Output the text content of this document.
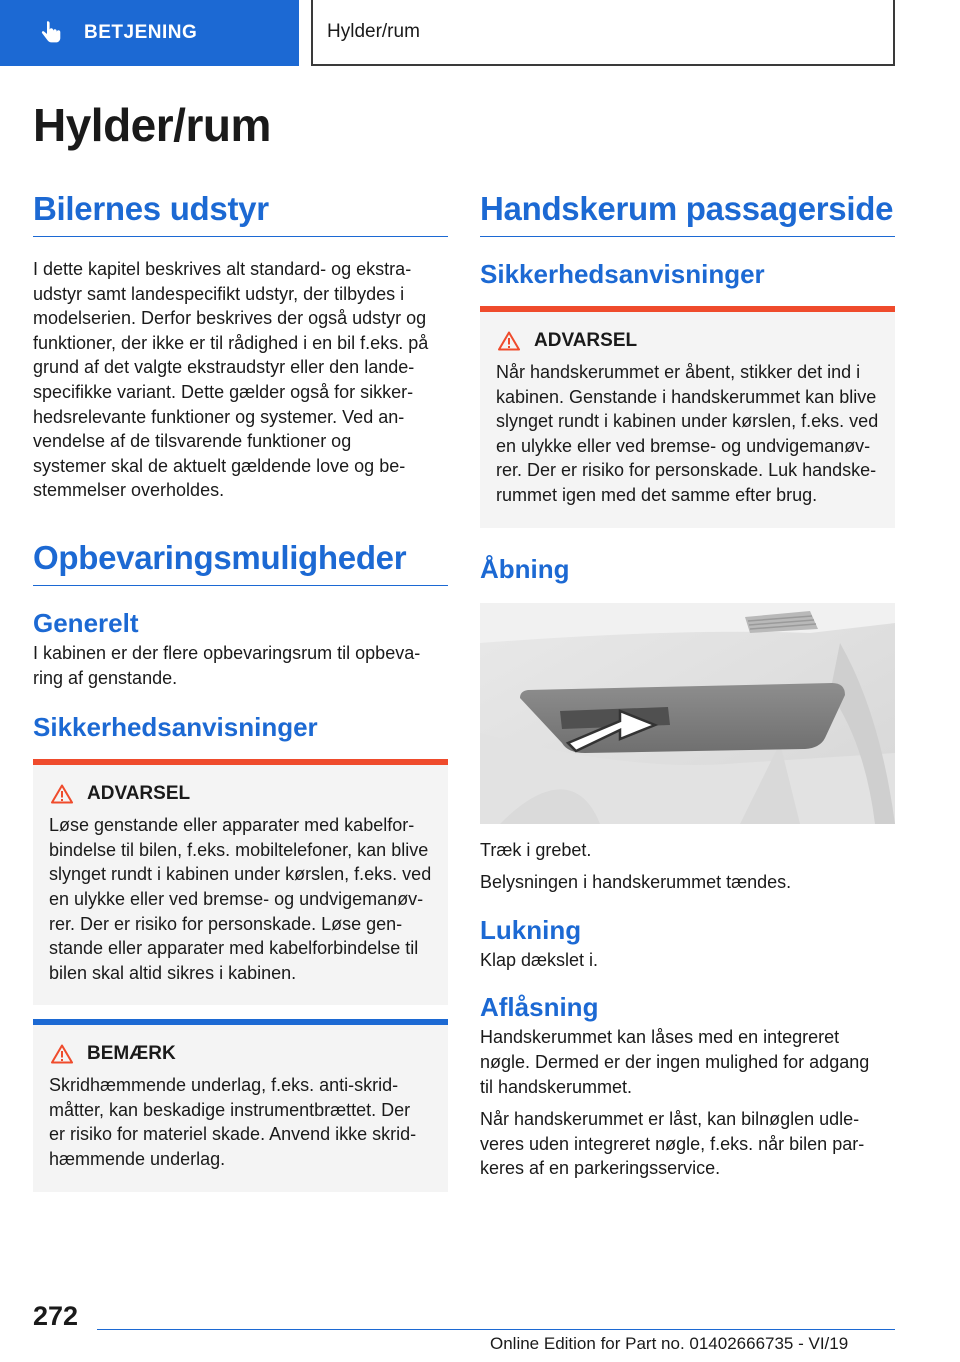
BETJENING	Hylder/rum
Hylder/rum
Bilernes udstyr

I dette kapitel beskrives alt standard- og ekstra-
udstyr samt landespecifikt udstyr, der tilbydes i
modelserien. Derfor beskrives der også udstyr og
funktioner, der ikke er til rådighed i en bil f.eks. på
grund af det valgte ekstraudstyr eller den lande-
specifikke variant. Dette gælder også for sikker-
hedsrelevante funktioner og systemer. Ved an-
vendelse af de tilsvarende funktioner og
systemer skal de aktuelt gældende love og be-
stemmelser overholdes.

Opbevaringsmuligheder
Generelt

I kabinen er der flere opbevaringsrum til opbeva-
ring af genstande.

Sikkerhedsanvisninger
ADVARSEL
Løse genstande eller apparater med kabelfor-
bindelse til bilen, f.eks. mobiltelefoner, kan blive
slynget rundt i kabinen under kørslen, f.eks. ved
en ulykke eller ved bremse- og undvigemanøv-
rer. Der er risiko for personskade. Løse gen-
stande eller apparater med kabelforbindelse til
bilen skal altid sikres i kabinen.
BEMÆRK
Skridhæmmende underlag, f.eks. anti-skrid-
måtter, kan beskadige instrumentbrættet. Der
er risiko for materiel skade. Anvend ikke skrid-
hæmmende underlag.
Handskerum passagerside
Sikkerhedsanvisninger
ADVARSEL
Når handskerummet er åbent, stikker det ind i
kabinen. Genstande i handskerummet kan blive
slynget rundt i kabinen under kørslen, f.eks. ved
en ulykke eller ved bremse- og undvigemanøv-
rer. Der er risiko for personskade. Luk handske-
rummet igen med det samme efter brug.
Åbning

Træk i grebet.

Belysningen i handskerummet tændes.

Lukning

Klap dækslet i.

Aflåsning

Handskerummet kan låses med en integreret
nøgle. Dermed er der ingen mulighed for adgang
til handskerummet.

Når handskerummet er låst, kan bilnøglen udle-
veres uden integreret nøgle, f.eks. når bilen par-
keres af en parkeringsservice.

272
Online Edition for Part no. 01402666735 - VI/19
